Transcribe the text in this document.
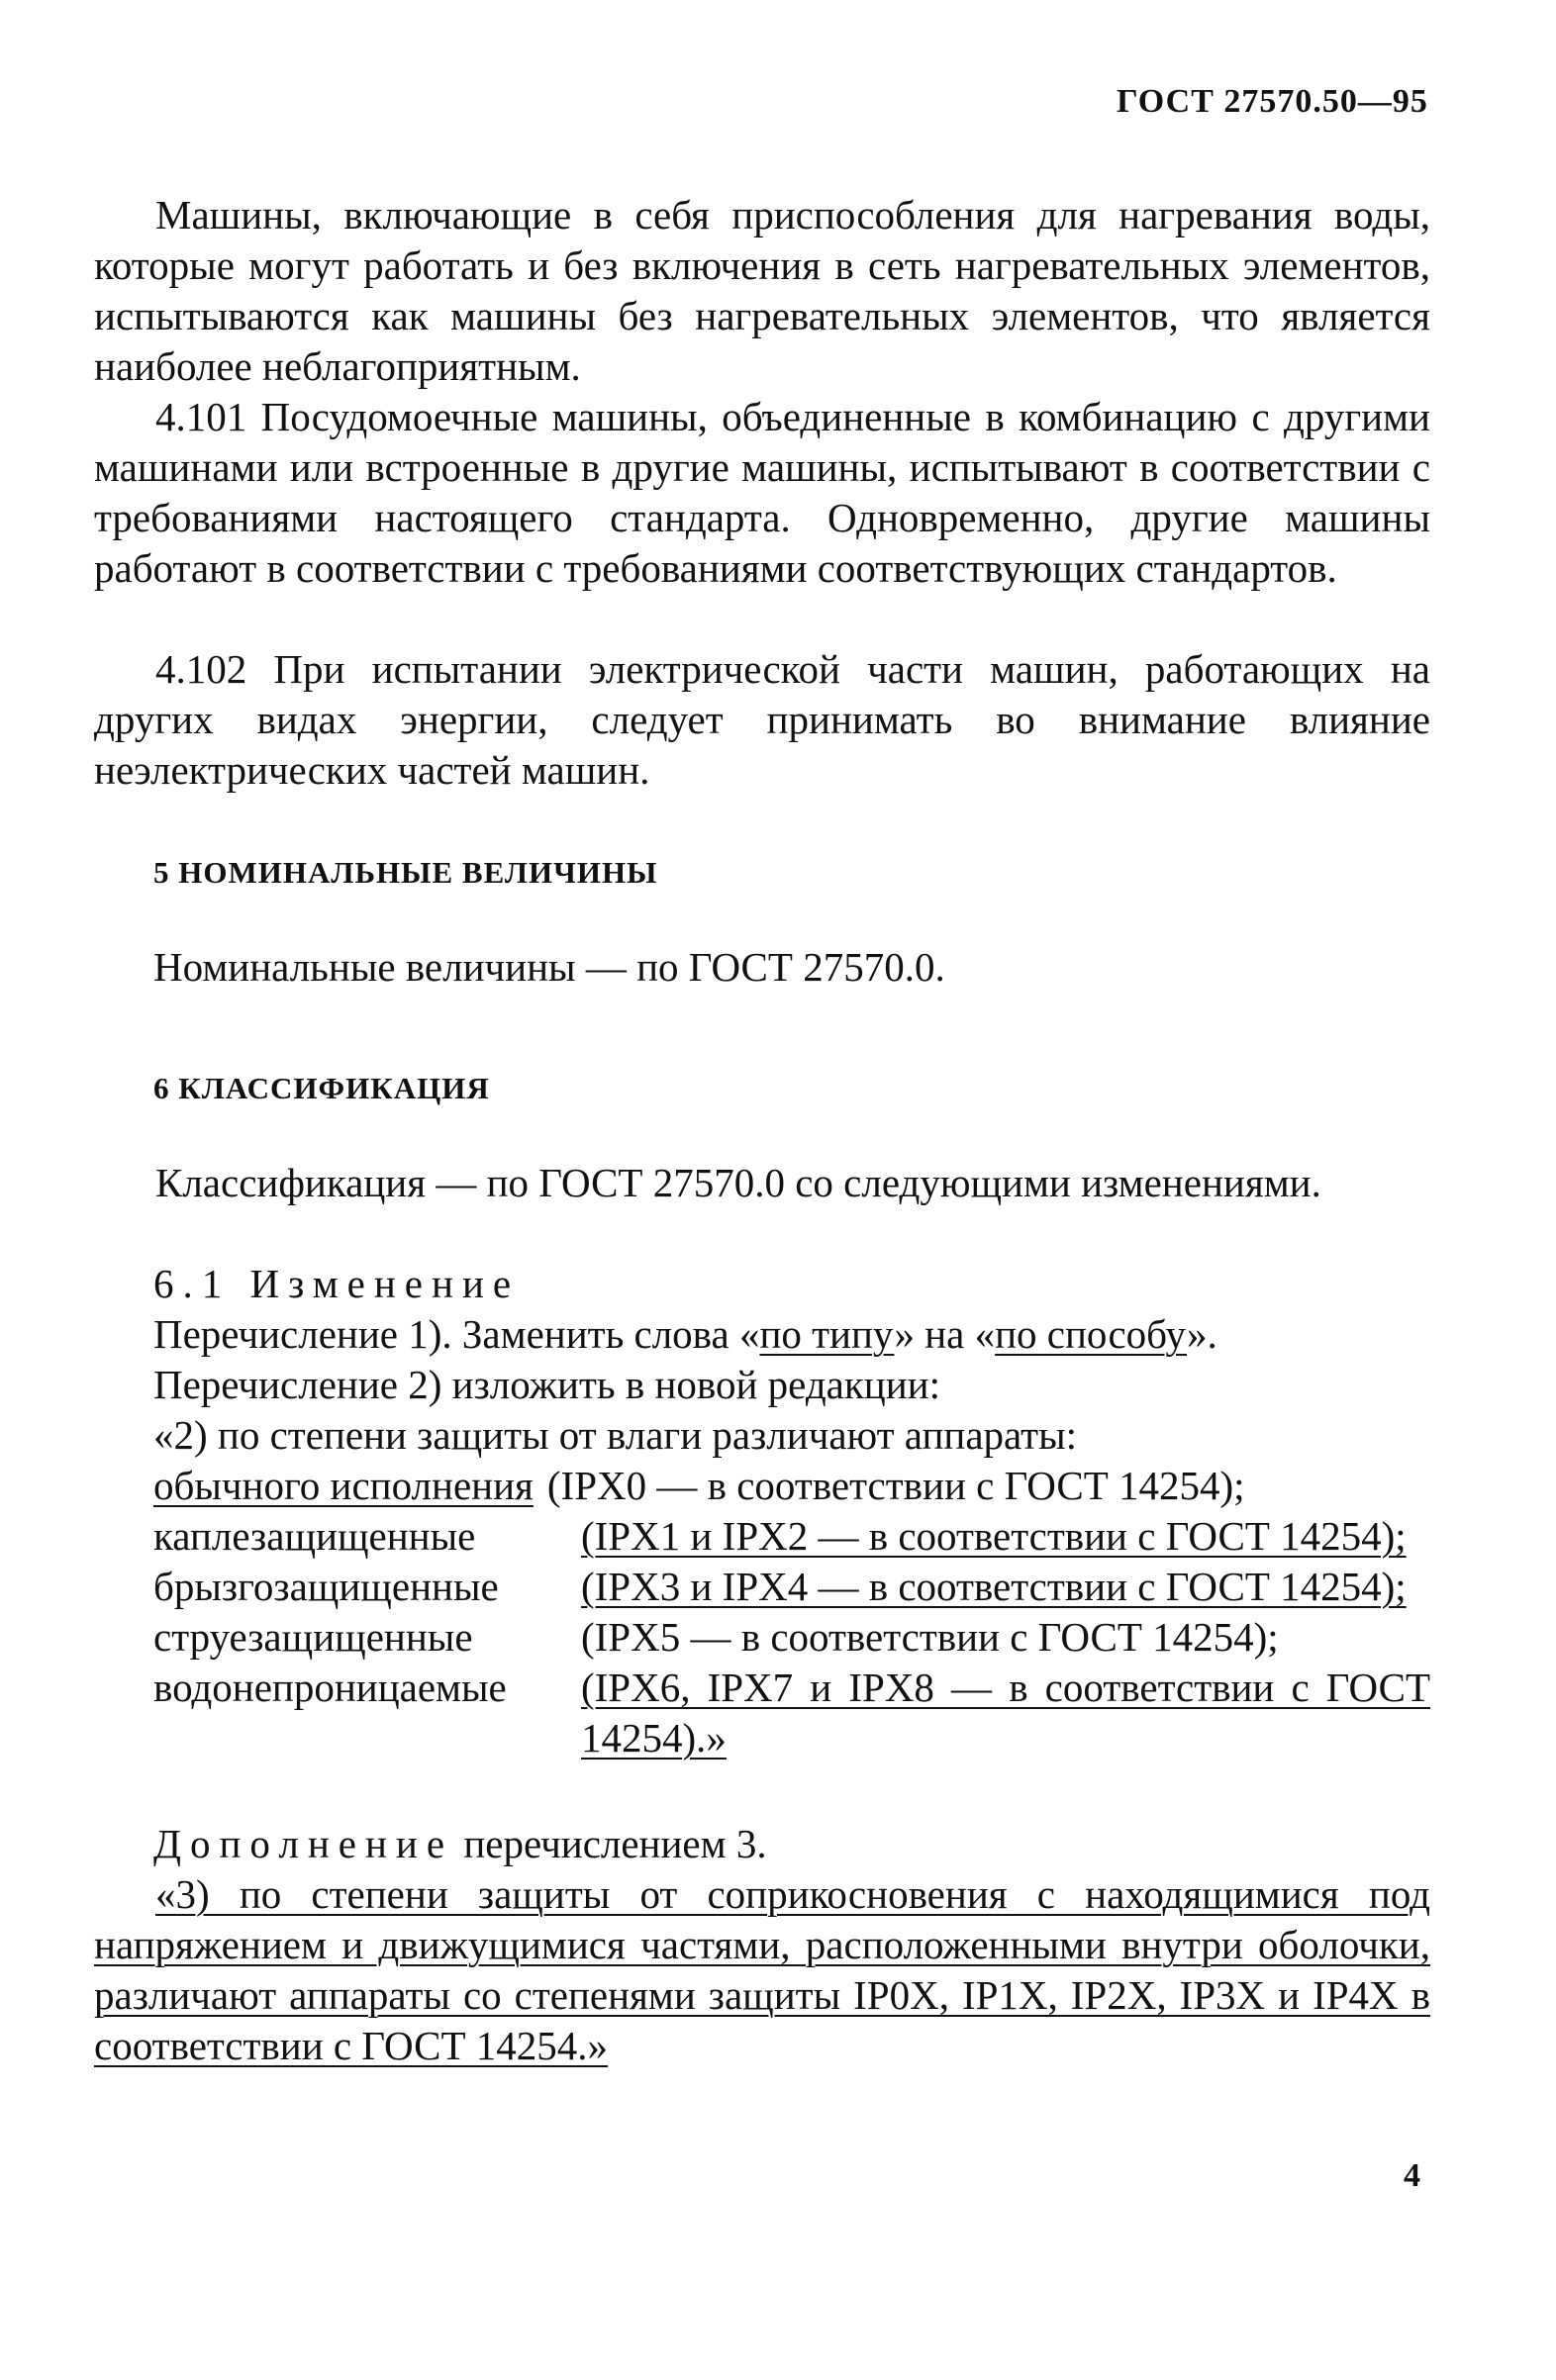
ГОСТ 27570.50—95
Машины, включающие в себя приспособления для нагревания воды, которые могут работать и без включения в сеть нагревательных элементов, испытываются как машины без нагревательных элементов, что является наиболее неблагоприятным.
4.101 Посудомоечные машины, объединенные в комбинацию с другими машинами или встроенные в другие машины, испытывают в соответствии с требованиями настоящего стандарта. Одновременно, другие машины работают в соответствии с требованиями соответствующих стандартов.
4.102 При испытании электрической части машин, работающих на других видах энергии, следует принимать во внимание влияние неэлектрических частей машин.
5 НОМИНАЛЬНЫЕ ВЕЛИЧИНЫ
Номинальные величины — по ГОСТ 27570.0.
6 КЛАССИФИКАЦИЯ
Классификация — по ГОСТ 27570.0 со следующими изменениями.
6.1 Изменение
Перечисление 1). Заменить слова «по типу» на «по способу».
Перечисление 2) изложить в новой редакции:
«2) по степени защиты от влаги различают аппараты:
обычного исполнения (IPX0 — в соответствии с ГОСТ 14254);
каплезащищенные	(IPX1 и IPX2 — в соответствии с ГОСТ 14254);
брызгозащищенные	(IPX3 и IPX4 — в соответствии с ГОСТ 14254);
струезащищенные	(IPX5 — в соответствии с ГОСТ 14254);
водонепроницаемые	(IPX6, IPX7 и IPX8 — в соответствии с ГОСТ 14254).»
Дополнение перечислением 3.
«3) по степени защиты от соприкосновения с находящимися под напряжением и движущимися частями, расположенными внутри оболочки, различают аппараты со степенями защиты IP0X, IP1X, IP2X, IP3X и IP4X в соответствии с ГОСТ 14254.»
4
